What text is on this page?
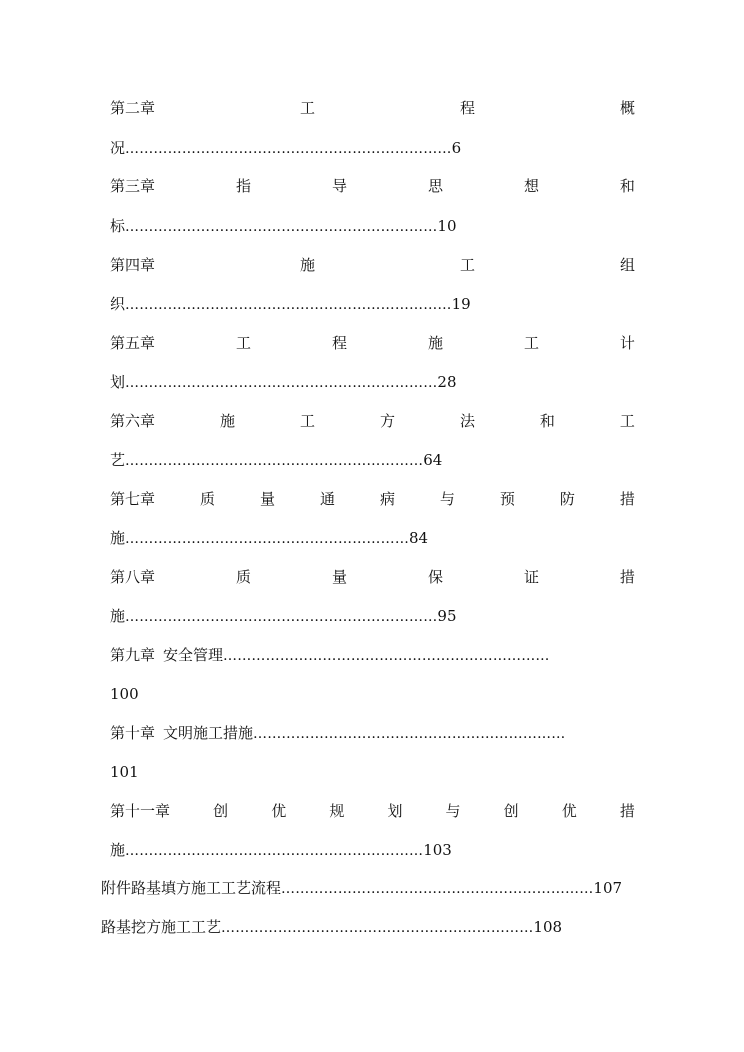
第二章	工	程	概
况……………………………………………………………6
第三章	指	导	思	想	和
标…………………………………………………………10
第四章	施	工	组
织……………………………………………………………19
第五章	工	程	施	工	计
划…………………………………………………………28
第六章	施	工	方	法	和	工
艺………………………………………………………64
第七章	质	量	通	病	与	预	防	措
施……………………………………………………84
第八章	质	量	保	证	措
施…………………………………………………………95
第九章 安全管理……………………………………………………………
100
第十章 文明施工措施…………………………………………………………
101
第十一章	创	优	规	划	与	创	优	措
施………………………………………………………103
附件路基填方施工工艺流程…………………………………………………………107
路基挖方施工工艺…………………………………………………………108
